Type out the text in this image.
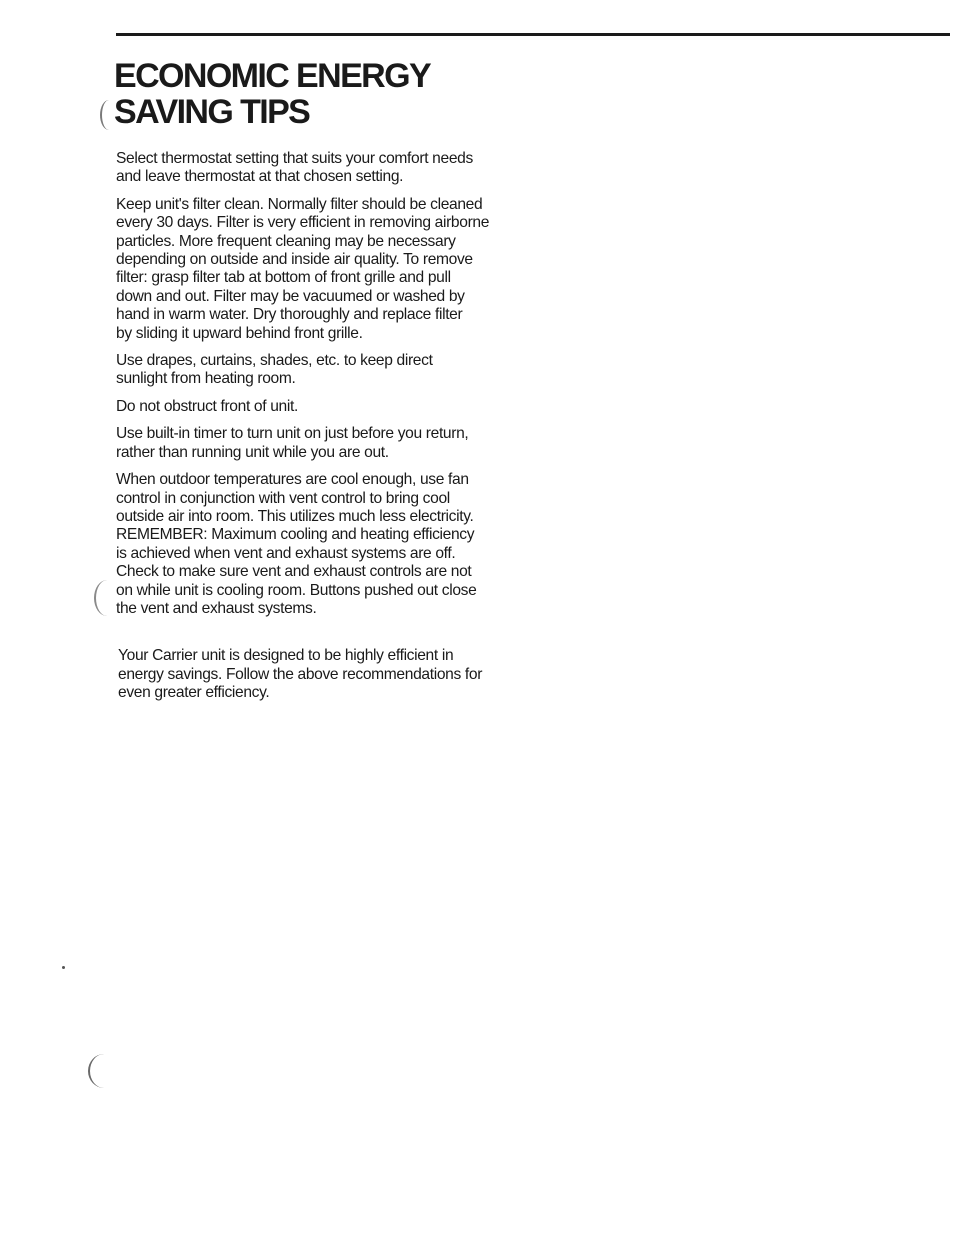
ECONOMIC ENERGY
SAVING TIPS

Select thermostat setting that suits your comfort needs
and leave thermostat at that chosen setting.

Keep unit's filter clean. Normally filter should be cleaned
every 30 days. Filter is very efficient in removing airborne
particles. More frequent cleaning may be necessary
depending on outside and inside air quality. To remove
filter: grasp filter tab at bottom of front grille and pull
down and out. Filter may be vacuumed or washed by
hand in warm water. Dry thoroughly and replace filter
by sliding it upward behind front grille.

Use drapes, curtains, shades, etc. to keep direct
sunlight from heating room.

Do not obstruct front of unit.

Use built-in timer to turn unit on just before you return,
rather than running unit while you are out.

When outdoor temperatures are cool enough, use fan
control in conjunction with vent control to bring cool
outside air into room. This utilizes much less electricity.
REMEMBER: Maximum cooling and heating efficiency
is achieved when vent and exhaust systems are off.
Check to make sure vent and exhaust controls are not
on while unit is cooling room. Buttons pushed out close
the vent and exhaust systems.

Your Carrier unit is designed to be highly efficient in
energy savings. Follow the above recommendations for
even greater efficiency.
